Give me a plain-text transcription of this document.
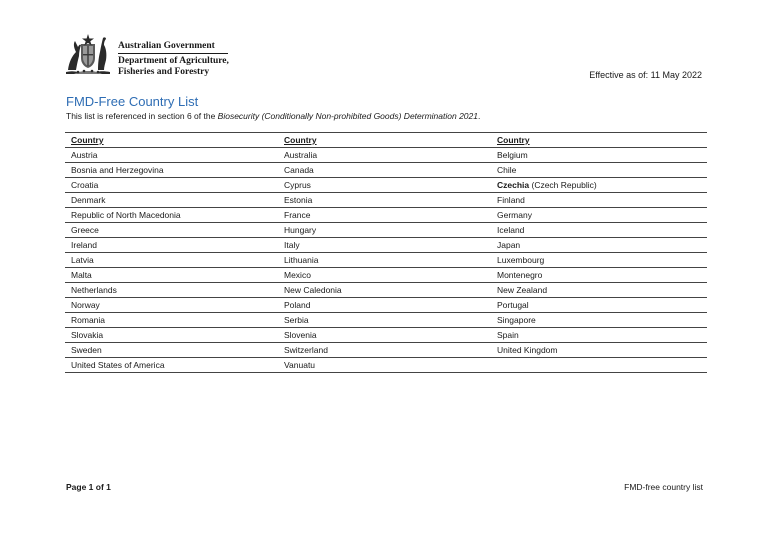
Australian Government
Department of Agriculture,
Fisheries and Forestry	Effective as of: 11 May 2022
FMD-Free Country List
This list is referenced in section 6 of the Biosecurity (Conditionally Non-prohibited Goods) Determination 2021.
Country	Country	Country
Austria	Australia	Belgium
Bosnia and Herzegovina	Canada	Chile
Croatia	Cyprus	Czechia (Czech Republic)
Denmark	Estonia	Finland
Republic of North Macedonia	France	Germany
Greece	Hungary	Iceland
Ireland	Italy	Japan
Latvia	Lithuania	Luxembourg
Malta	Mexico	Montenegro
Netherlands	New Caledonia	New Zealand
Norway	Poland	Portugal
Romania	Serbia	Singapore
Slovakia	Slovenia	Spain
Sweden	Switzerland	United Kingdom
United States of America	Vanuatu	
Page 1 of 1	FMD-free country list
